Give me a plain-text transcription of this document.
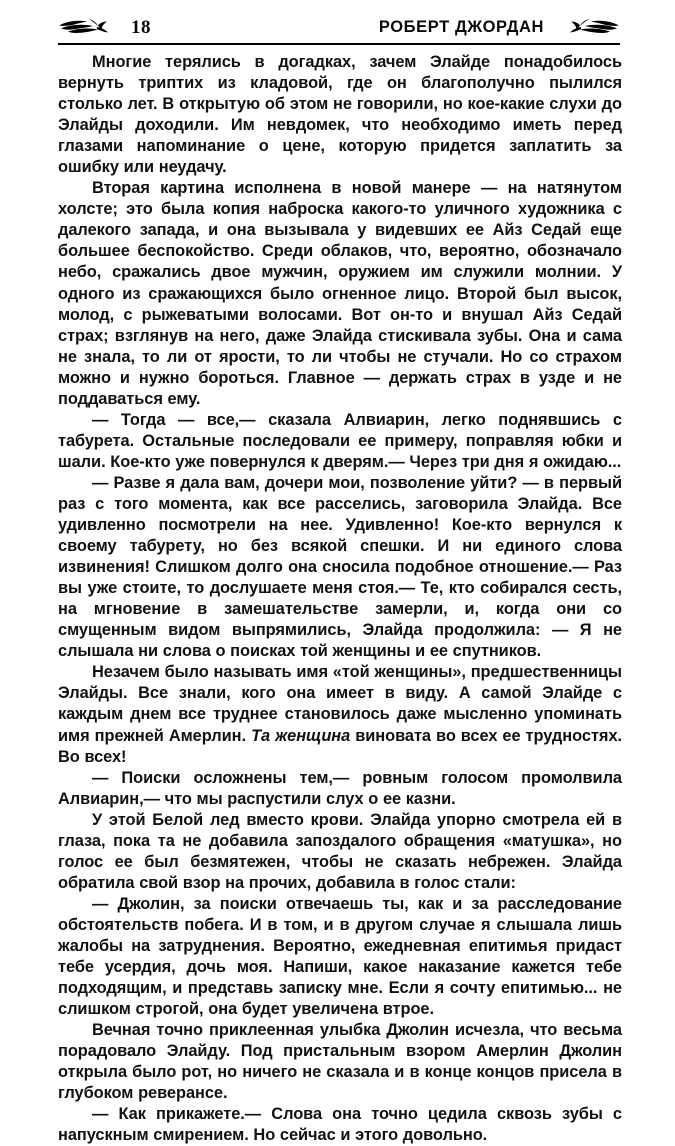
18	РОБЕРТ ДЖОРДАН

Многие терялись в догадках, зачем Элайде понадобилось вернуть триптих из кладовой, где он благополучно пылился столько лет. В открытую об этом не говорили, но кое-какие слухи до Элайды доходили. Им невдомек, что необходимо иметь перед глазами напоминание о цене, которую придется заплатить за ошибку или неудачу.

Вторая картина исполнена в новой манере — на натянутом холсте; это была копия наброска какого-то уличного художника с далекого запада, и она вызывала у видевших ее Айз Седай еще большее беспокойство. Среди облаков, что, вероятно, обозначало небо, сражались двое мужчин, оружием им служили молнии. У одного из сражающихся было огненное лицо. Второй был высок, молод, с рыжеватыми волосами. Вот он-то и внушал Айз Седай страх; взглянув на него, даже Элайда стискивала зубы. Она и сама не знала, то ли от ярости, то ли чтобы не стучали. Но со страхом можно и нужно бороться. Главное — держать страх в узде и не поддаваться ему.

— Тогда — все,— сказала Алвиарин, легко поднявшись с табурета. Остальные последовали ее примеру, поправляя юбки и шали. Кое-кто уже повернулся к дверям.— Через три дня я ожидаю...

— Разве я дала вам, дочери мои, позволение уйти? — в первый раз с того момента, как все расселись, заговорила Элайда. Все удивленно посмотрели на нее. Удивленно! Кое-кто вернулся к своему табурету, но без всякой спешки. И ни единого слова извинения! Слишком долго она сносила подобное отношение.— Раз вы уже стоите, то дослушаете меня стоя.— Те, кто собирался сесть, на мгновение в замешательстве замерли, и, когда они со смущенным видом выпрямились, Элайда продолжила: — Я не слышала ни слова о поисках той женщины и ее спутников.

Незачем было называть имя «той женщины», предшественницы Элайды. Все знали, кого она имеет в виду. А самой Элайде с каждым днем все труднее становилось даже мысленно упоминать имя прежней Амерлин. Та женщина виновата во всех ее трудностях. Во всех!

— Поиски осложнены тем,— ровным голосом промолвила Алвиарин,— что мы распустили слух о ее казни.

У этой Белой лед вместо крови. Элайда упорно смотрела ей в глаза, пока та не добавила запоздалого обращения «матушка», но голос ее был безмятежен, чтобы не сказать небрежен. Элайда обратила свой взор на прочих, добавила в голос стали:

— Джолин, за поиски отвечаешь ты, как и за расследование обстоятельств побега. И в том, и в другом случае я слышала лишь жалобы на затруднения. Вероятно, ежедневная епитимья придаст тебе усердия, дочь моя. Напиши, какое наказание кажется тебе подходящим, и представь записку мне. Если я сочту епитимью... не слишком строгой, она будет увеличена втрое.

Вечная точно приклеенная улыбка Джолин исчезла, что весьма порадовало Элайду. Под пристальным взором Амерлин Джолин открыла было рот, но ничего не сказала и в конце концов присела в глубоком реверансе.

— Как прикажете.— Слова она точно цедила сквозь зубы с напускным смирением. Но сейчас и этого довольно.
